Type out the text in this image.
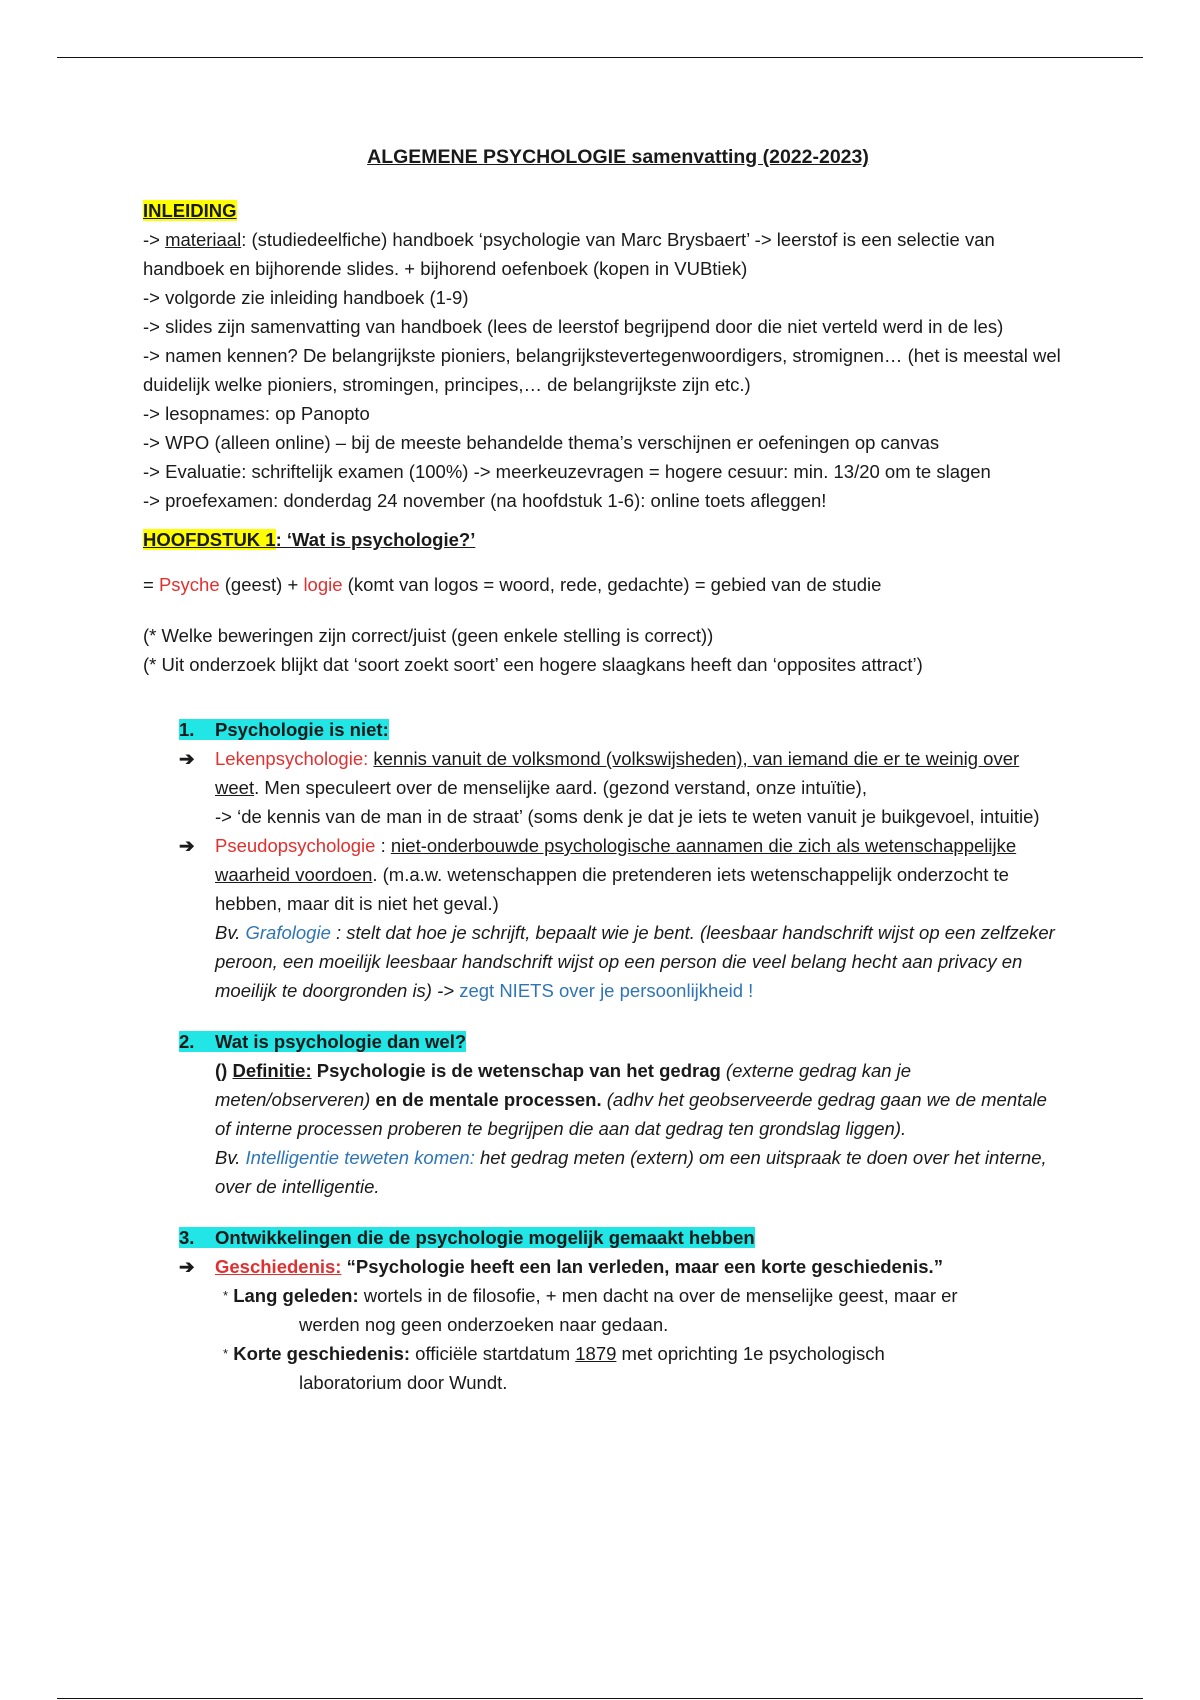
ALGEMENE PSYCHOLOGIE samenvatting (2022-2023)
INLEIDING
-> materiaal: (studiedeelfiche) handboek ‘psychologie van Marc Brysbaert’ -> leerstof is een selectie van handboek en bijhorende slides. + bijhorend oefenboek (kopen in VUBtiek)
-> volgorde zie inleiding handboek (1-9)
-> slides zijn samenvatting van handboek (lees de leerstof begrijpend door die niet verteld werd in de les)
-> namen kennen? De belangrijkste pioniers, belangrijkstevertegenwoordigers, stromignen… (het is meestal wel duidelijk welke pioniers, stromingen, principes,… de belangrijkste zijn etc.)
-> lesopnames: op Panopto
-> WPO (alleen online) – bij de meeste behandelde thema’s verschijnen er oefeningen op canvas
-> Evaluatie: schriftelijk examen (100%) -> meerkeuzevragen = hogere cesuur: min. 13/20 om te slagen
-> proefexamen: donderdag 24 november (na hoofdstuk 1-6): online toets afleggen!
HOOFDSTUK 1: ‘Wat is psychologie?’
= Psyche (geest) + logie (komt van logos = woord, rede, gedachte) = gebied van de studie
(* Welke beweringen zijn correct/juist (geen enkele stelling is correct))
(* Uit onderzoek blijkt dat ‘soort zoekt soort’ een hogere slaagkans heeft dan ‘opposites attract’)
1. Psychologie is niet:
➔ Lekenpsychologie: kennis vanuit de volksmond (volkswijsheden), van iemand die er te weinig over weet. Men speculeert over de menselijke aard. (gezond verstand, onze intuïtie),
-> ‘de kennis van de man in de straat’ (soms denk je dat je iets te weten vanuit je buikgevoel, intuitie)
➔ Pseudopsychologie : niet-onderbouwde psychologische aannamen die zich als wetenschappelijke waarheid voordoen. (m.a.w. wetenschappen die pretenderen iets wetenschappelijk onderzocht te hebben, maar dit is niet het geval.)
Bv. Grafologie : stelt dat hoe je schrijft, bepaalt wie je bent. (leesbaar handschrift wijst op een zelfzeker peroon, een moeilijk leesbaar handschrift wijst op een person die veel belang hecht aan privacy en moeilijk te doorgronden is) -> zegt NIETS over je persoonlijkheid !
2. Wat is psychologie dan wel?
() Definitie: Psychologie is de wetenschap van het gedrag (externe gedrag kan je meten/observeren) en de mentale processen. (adhv het geobserveerde gedrag gaan we de mentale of interne processen proberen te begrijpen die aan dat gedrag ten grondslag liggen).
Bv. Intelligentie teweten komen: het gedrag meten (extern) om een uitspraak te doen over het interne, over de intelligentie.
3. Ontwikkelingen die de psychologie mogelijk gemaakt hebben
➔ Geschiedenis: “Psychologie heeft een lan verleden, maar een korte geschiedenis.”
* Lang geleden: wortels in de filosofie, + men dacht na over de menselijke geest, maar er
werden nog geen onderzoeken naar gedaan.
* Korte geschiedenis: officiële startdatum 1879 met oprichting 1e psychologisch
laboratorium door Wundt.
